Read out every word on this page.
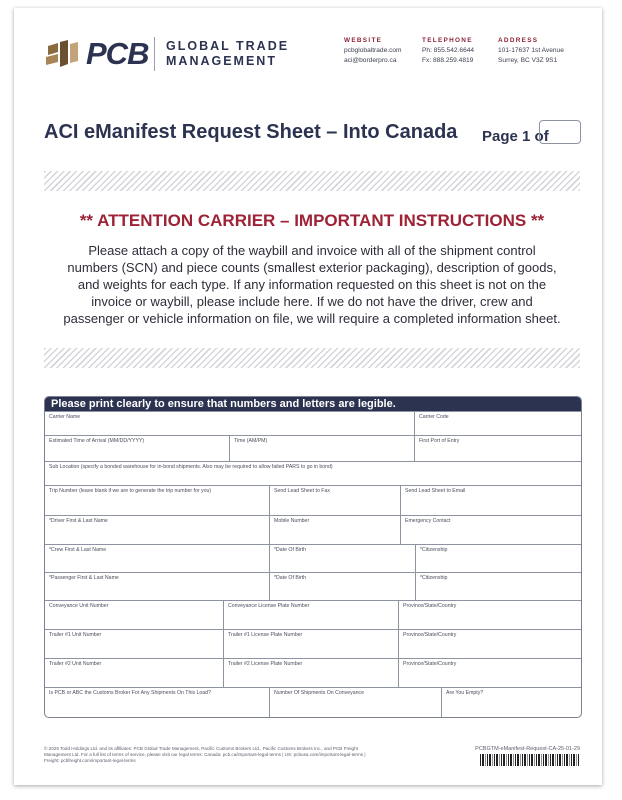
PCB GLOBAL TRADE
MANAGEMENT
WEBSITE
pcbglobaltrade.com
aci@borderpro.ca
TELEPHONE
Ph: 855.542.6644
Fx: 888.259.4819
ADDRESS
101-17637 1st Avenue
Surrey, BC V3Z 9S1
ACI eManifest Request Sheet – Into Canada Page 1 of
** ATTENTION CARRIER – IMPORTANT INSTRUCTIONS **
Please attach a copy of the waybill and invoice with all of the shipment control numbers (SCN) and piece counts (smallest exterior packaging), description of goods, and weights for each type. If any information requested on this sheet is not on the invoice or waybill, please include here. If we do not have the driver, crew and passenger or vehicle information on file, we will require a completed information sheet.
Please print clearly to ensure that numbers and letters are legible.
Carrier Name	Carrier Code
Estimated Time of Arrival (MM/DD/YYYY)	Time (AM/PM)	First Port of Entry
Sub Location (specify a bonded warehouse for in-bond shipments. Also may be required to allow failed PARS to go in bond)
Trip Number (leave blank if we are to generate the trip number for you)	Send Lead Sheet to Fax	Send Lead Sheet to Email
*Driver First & Last Name	Mobile Number	Emergency Contact
*Crew First & Last Name	*Date Of Birth	*Citizenship
*Passenger First & Last Name	*Date Of Birth	*Citizenship
Conveyance Unit Number	Conveyance License Plate Number	Province/State/Country
Trailer #1 Unit Number	Trailer #1 License Plate Number	Province/State/Country
Trailer #2 Unit Number	Trailer #2 License Plate Number	Province/State/Country
Is PCB or ABC the Customs Broker For Any Shipments On This Load?	Number Of Shipments On Conveyance	Are You Empty?
© 2025 Todd Holdings Ltd. and its affiliates: PCB Global Trade Management, Pacific Customs Brokers Ltd., Pacific Customs Brokers Inc., and PCB Freight
Management Ltd. For a full list of terms of service, please visit our legal terms: Canada: pcb.ca/important-legal-terms | US: pcbusa.com/important-legal-terms |
Freight: pcbfreight.com/important-legal-terms
PCBGTM-eManifest-Request-CA-25-01-29
